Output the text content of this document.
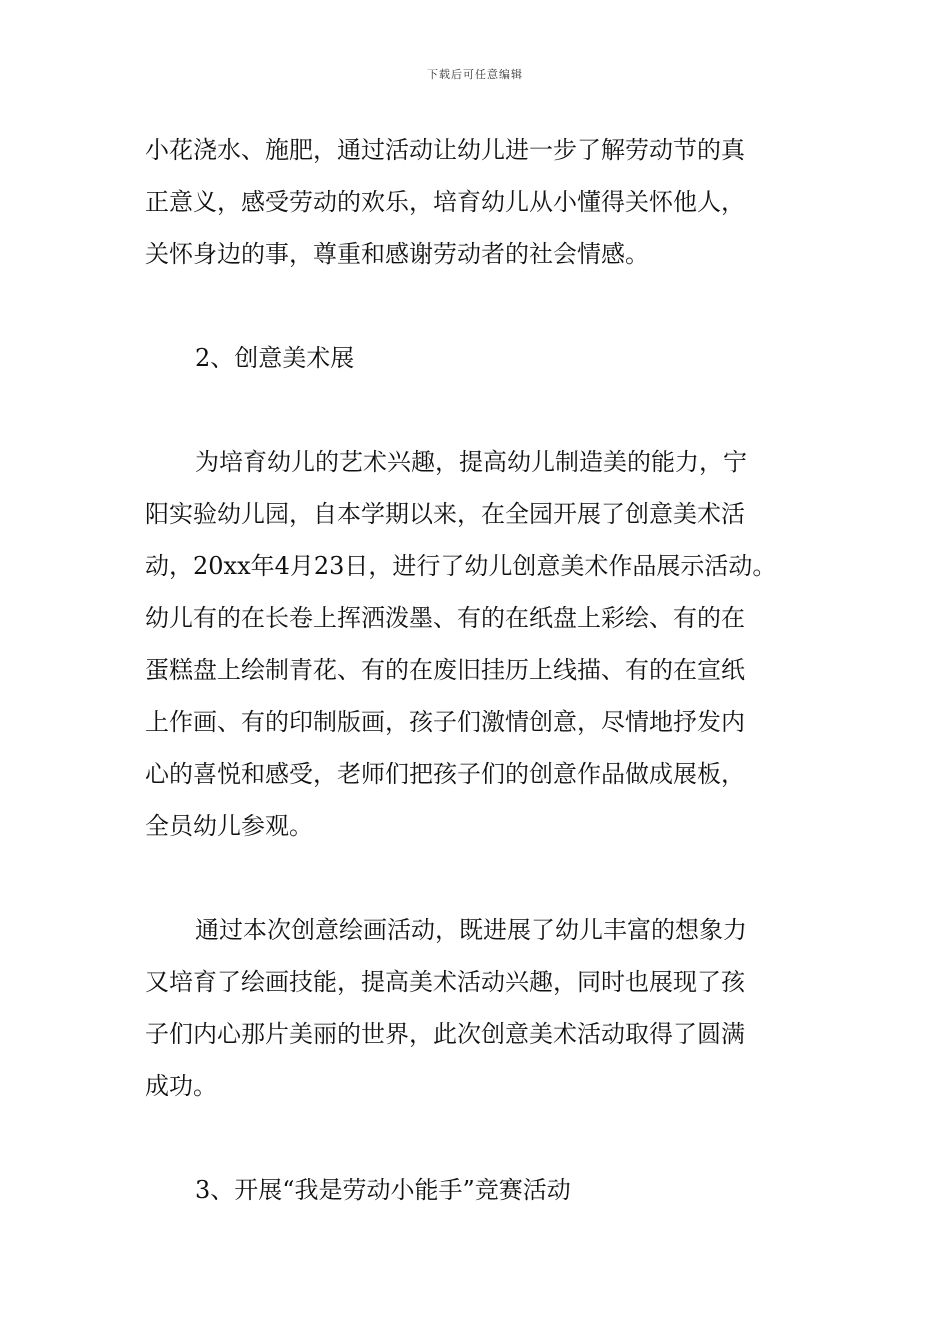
下载后可任意编辑
小花浇水、施肥，通过活动让幼儿进一步了解劳动节的真
正意义，感受劳动的欢乐，培育幼儿从小懂得关怀他人，
关怀身边的事，尊重和感谢劳动者的社会情感。
2、创意美术展
为培育幼儿的艺术兴趣，提高幼儿制造美的能力，宁
阳实验幼儿园，自本学期以来，在全园开展了创意美术活
动，20xx年4月23日，进行了幼儿创意美术作品展示活动。
幼儿有的在长卷上挥洒泼墨、有的在纸盘上彩绘、有的在
蛋糕盘上绘制青花、有的在废旧挂历上线描、有的在宣纸
上作画、有的印制版画，孩子们激情创意，尽情地抒发内
心的喜悦和感受，老师们把孩子们的创意作品做成展板，
全员幼儿参观。
通过本次创意绘画活动，既进展了幼儿丰富的想象力
又培育了绘画技能，提高美术活动兴趣，同时也展现了孩
子们内心那片美丽的世界，此次创意美术活动取得了圆满
成功。
3、开展“我是劳动小能手”竞赛活动
